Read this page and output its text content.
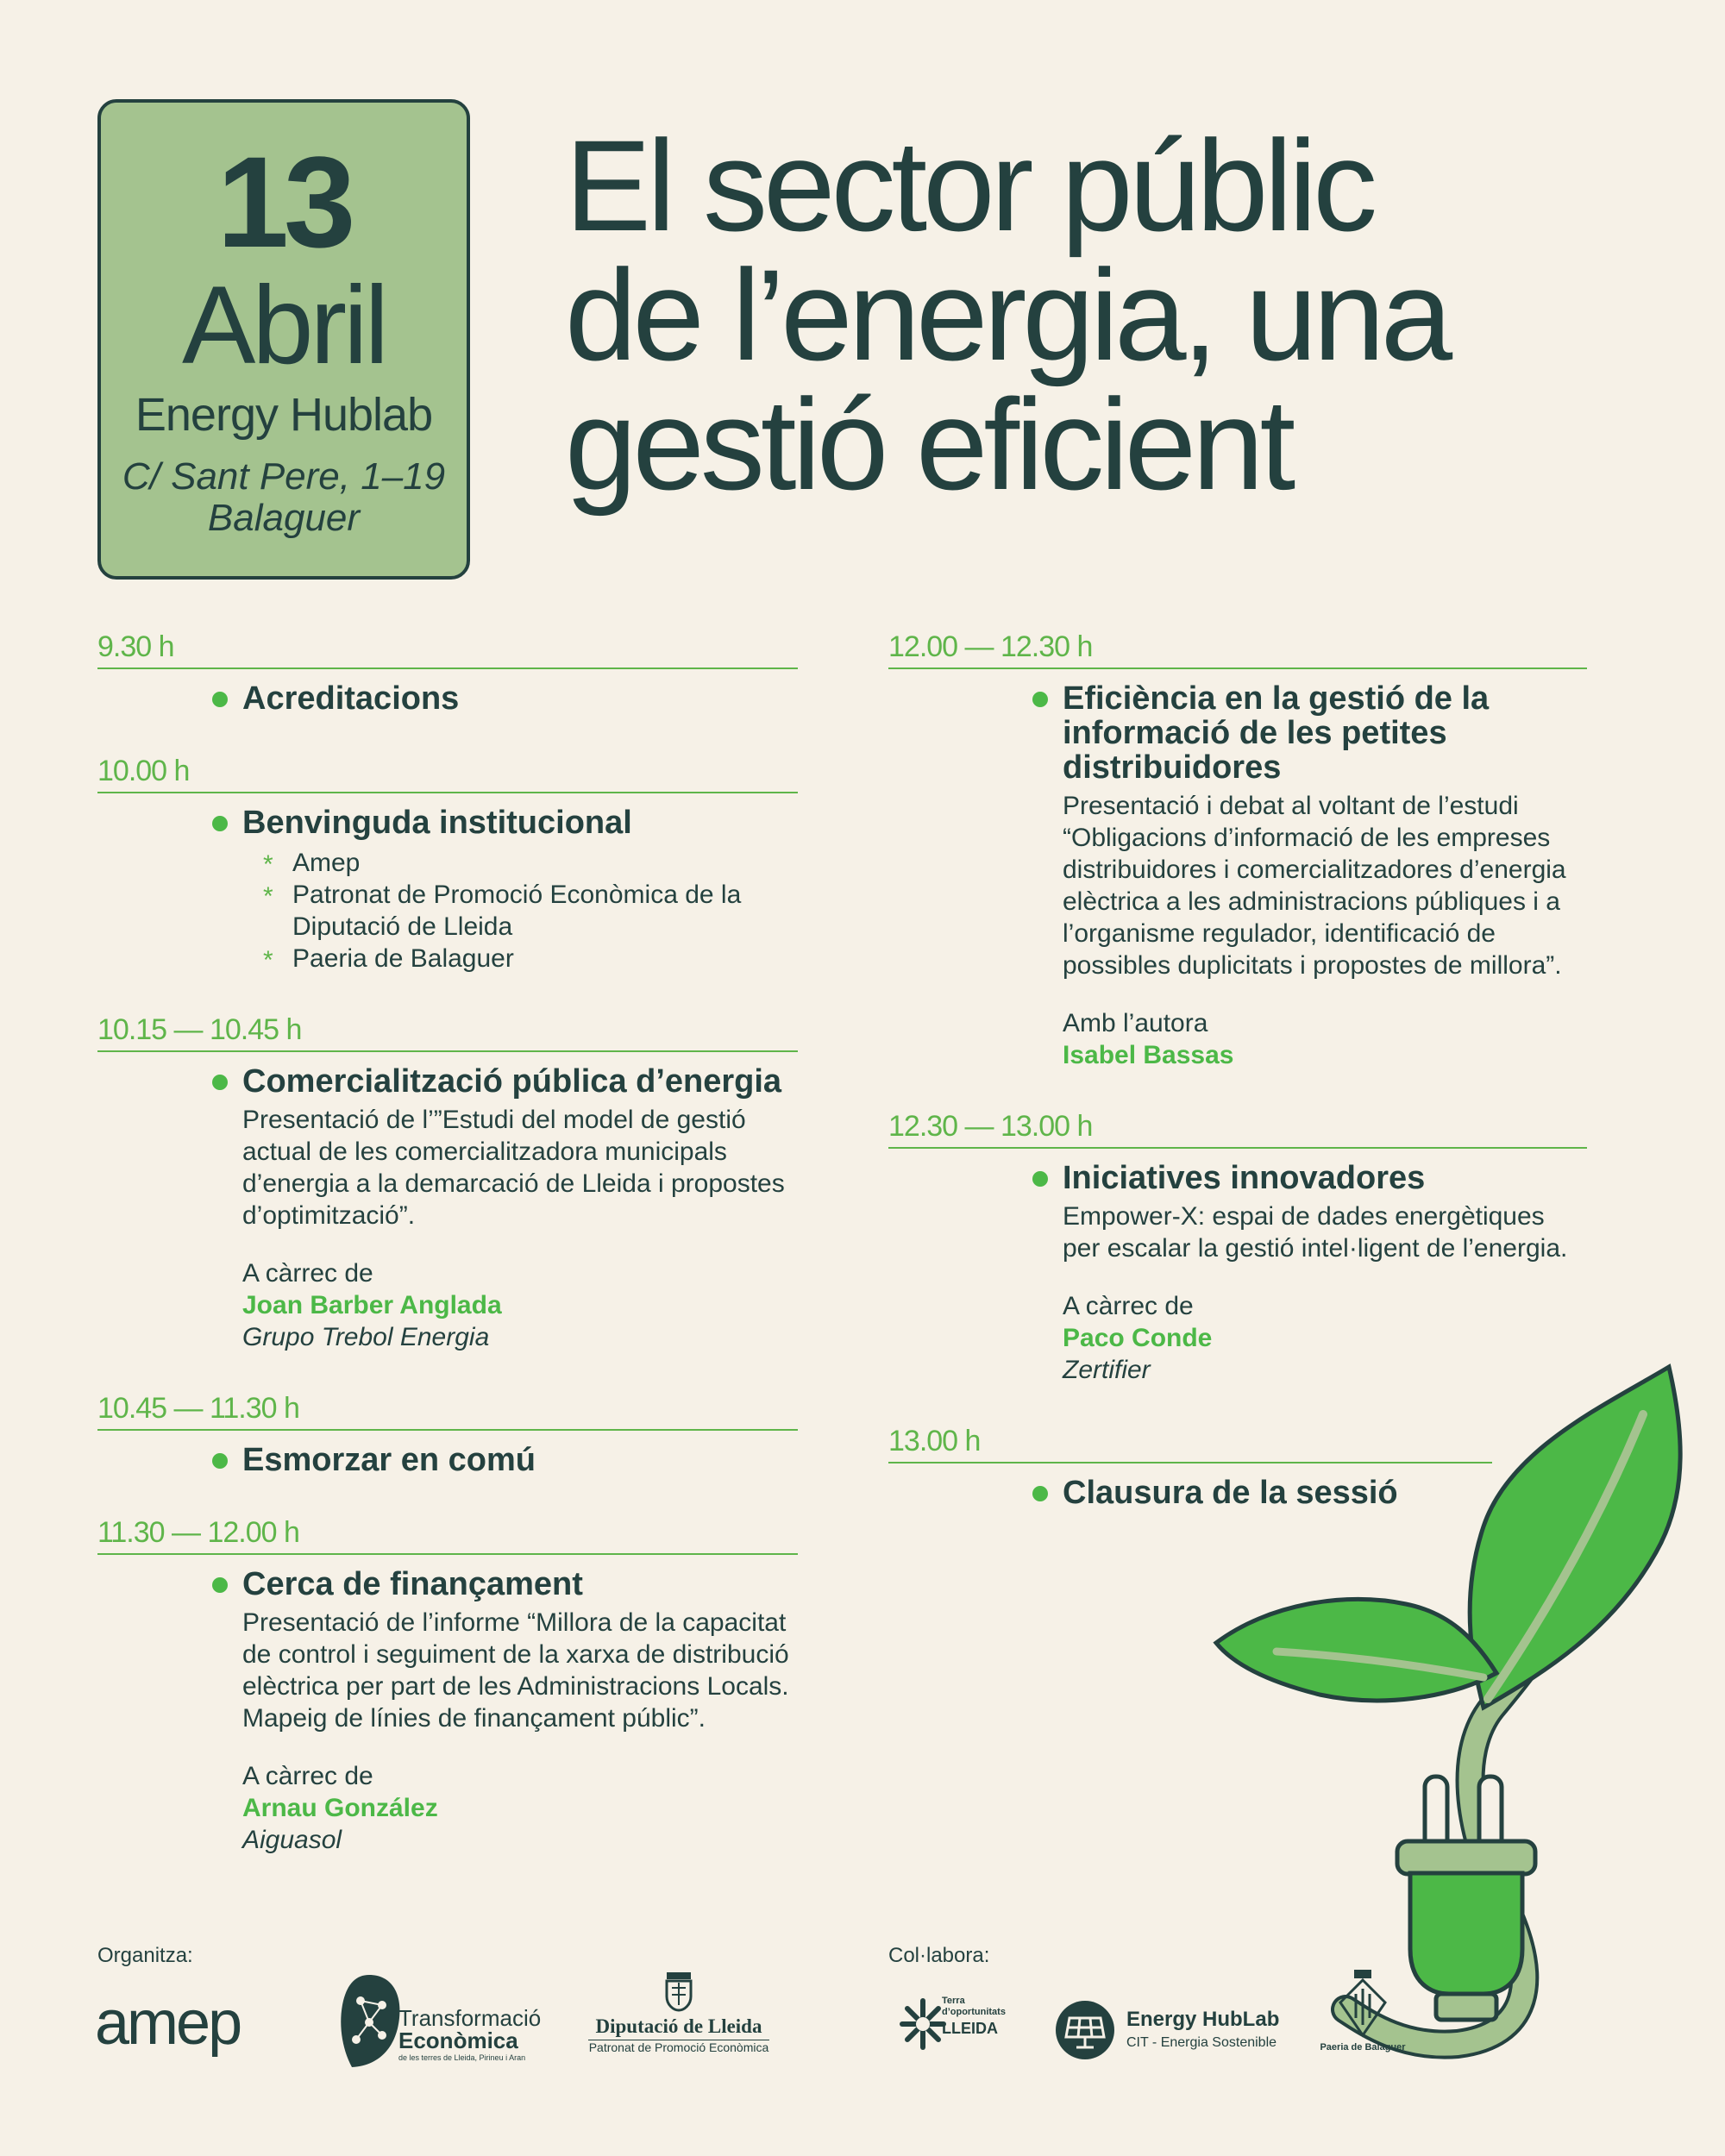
13
Abril
Energy Hublab
C/ Sant Pere, 1–19
Balaguer
El sector públic
de l’energia, una
gestió eficient
9.30 h
Acreditacions
10.00 h
Benvinguda institucional
* Amep
* Patronat de Promoció Econòmica de la Diputació de Lleida
* Paeria de Balaguer
10.15 — 10.45 h
Comercialització pública d’energia
Presentació de l’”Estudi del model de gestió actual de les comercialitzadora municipals d’energia a la demarcació de Lleida i propostes d’optimització”.
A càrrec de
Joan Barber Anglada
Grupo Trebol Energia
10.45 — 11.30 h
Esmorzar en comú
11.30 — 12.00 h
Cerca de finançament
Presentació de l’informe “Millora de la capacitat de control i seguiment de la xarxa de distribució elèctrica per part de les Administracions Locals. Mapeig de línies de finançament públic”.
A càrrec de
Arnau González
Aiguasol
12.00 — 12.30 h
Eficiència en la gestió de la informació de les petites distribuidores
Presentació i debat al voltant de l’estudi “Obligacions d’informació de les empreses distribuidores i comercialitzadores d’energia elèctrica a les administracions públiques i a l’organisme regulador, identificació de possibles duplicitats i propostes de millora”.
Amb l’autora
Isabel Bassas
12.30 — 13.00 h
Iniciatives innovadores
Empower-X: espai de dades energètiques per escalar la gestió intel·ligent de l’energia.
A càrrec de
Paco Conde
Zertifier
13.00 h
Clausura de la sessió
Organitza:	Col·labora:
amep	Transformació
Econòmica
de les terres de Lleida, Pirineu i Aran
Diputació de Lleida
Patronat de Promoció Econòmica
Terra
d’oportunitats
LLEIDA	Energy HubLab
CIT - Energia Sostenible	Paeria de Balaguer
